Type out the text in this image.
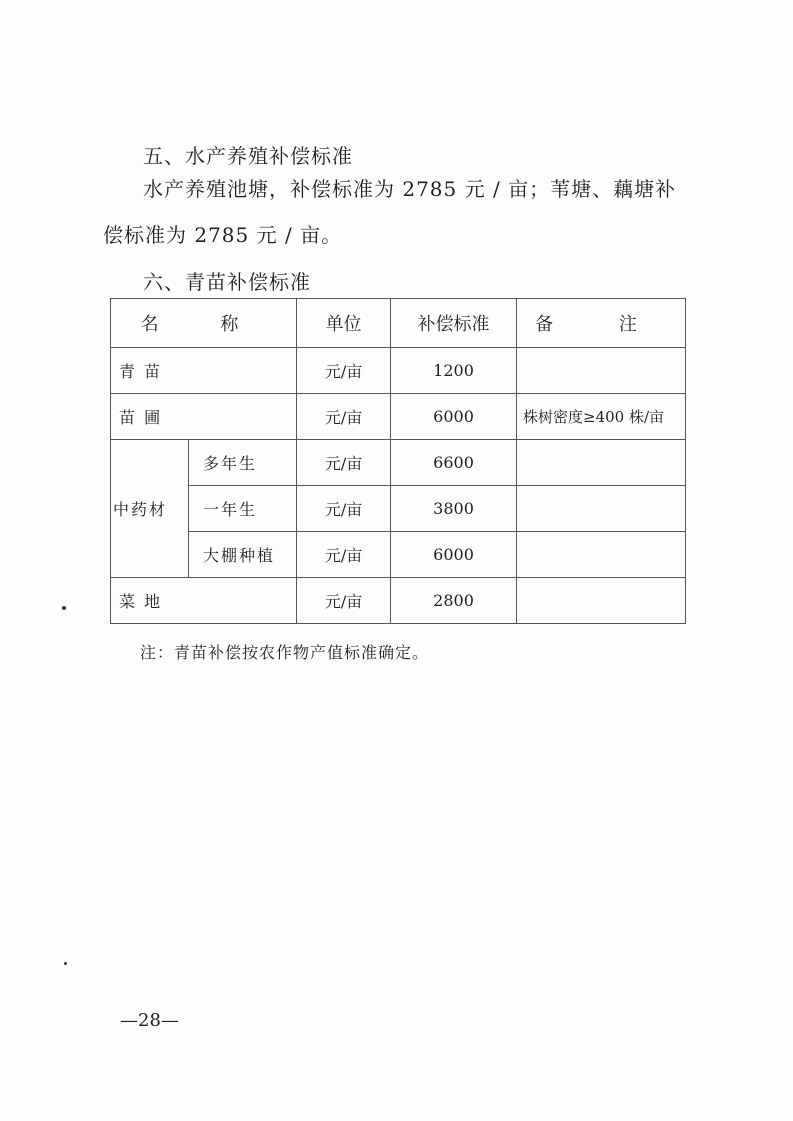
五、水产养殖补偿标准
水产养殖池塘，补偿标准为 2785 元 / 亩；苇塘、藕塘补偿标准为 2785 元 / 亩。
六、青苗补偿标准
名 称		单位	补偿标准	备 注
青 苗		元/亩	1200	
苗 圃		元/亩	6000	株树密度≥400 株/亩
中药材	多年生	元/亩	6600	
	一年生	元/亩	3800	
	大棚种植	元/亩	6000	
菜 地		元/亩	2800	
注：青苗补偿按农作物产值标准确定。
—28—
